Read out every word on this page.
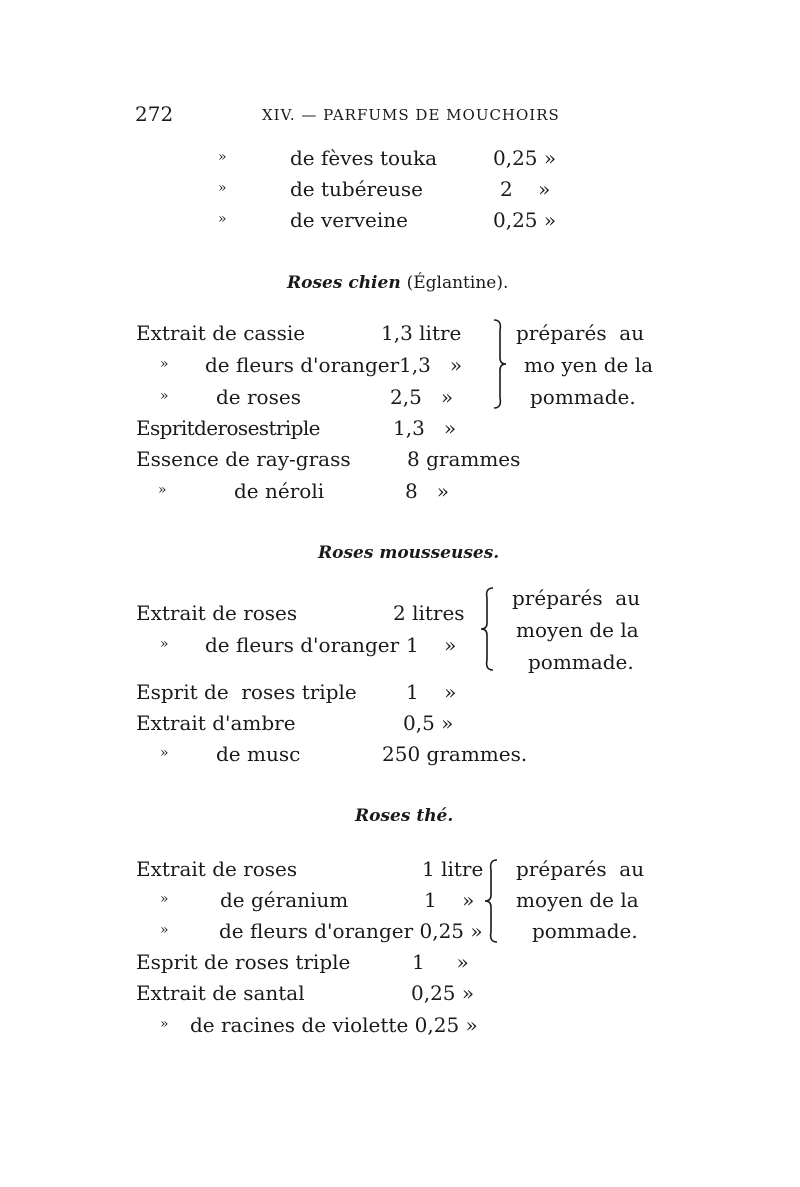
272	XIV. — PARFUMS DE MOUCHOIRS
»	de fèves touka	0,25 »
»	de tubéreuse	2    »
»	de verveine	0,25 »
Roses chien (Églantine).
Extrait de cassie	1,3 litre
» de fleurs d'oranger 1,3   »
» de roses	2,5   »
Espritderosestriple	1,3   »
Essence de ray-grass	8 grammes
»	de néroli	8   »
préparés  au
mo yen de la
pommade.
Roses mousseuses.
Extrait de roses	2 litres
» de fleurs d'oranger 1    »
préparés  au
moyen de la
pommade.
Esprit de  roses triple 1    »
Extrait d'ambre	0,5 »
» de musc	250 grammes.
Roses thé.
Extrait de roses	1 litre
»	de géranium	1    »
»	de fleurs d'oranger 0,25 »
préparés  au
moyen de la
pommade.
Esprit de roses triple	1     »
Extrait de santal	0,25 »
» de racines de violette 0,25 »
